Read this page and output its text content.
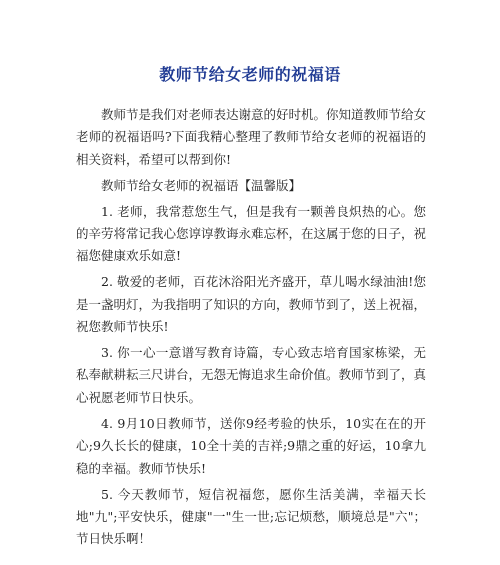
教师节给女老师的祝福语

教师节是我们对老师表达谢意的好时机。你知道教师节给女老师的祝福语吗?下面我精心整理了教师节给女老师的祝福语的相关资料，希望可以帮到你!

教师节给女老师的祝福语【温馨版】

1. 老师，我常惹您生气，但是我有一颗善良炽热的心。您的辛劳将常记我心您谆谆教诲永难忘杯，在这属于您的日子，祝福您健康欢乐如意!

2. 敬爱的老师，百花沐浴阳光齐盛开，草儿喝水绿油油!您是一盏明灯，为我指明了知识的方向，教师节到了，送上祝福，祝您教师节快乐!

3. 你一心一意谱写教育诗篇，专心致志培育国家栋梁，无私奉献耕耘三尺讲台，无怨无悔追求生命价值。教师节到了，真心祝愿老师节日快乐。

4. 9月10日教师节，送你9经考验的快乐，10实在在的开心;9久长长的健康，10全十美的吉祥;9鼎之重的好运，10拿九稳的幸福。教师节快乐!

5. 今天教师节，短信祝福您，愿你生活美满，幸福天长地"九";平安快乐，健康"一"生一世;忘记烦愁，顺境总是"六"；节日快乐啊！
